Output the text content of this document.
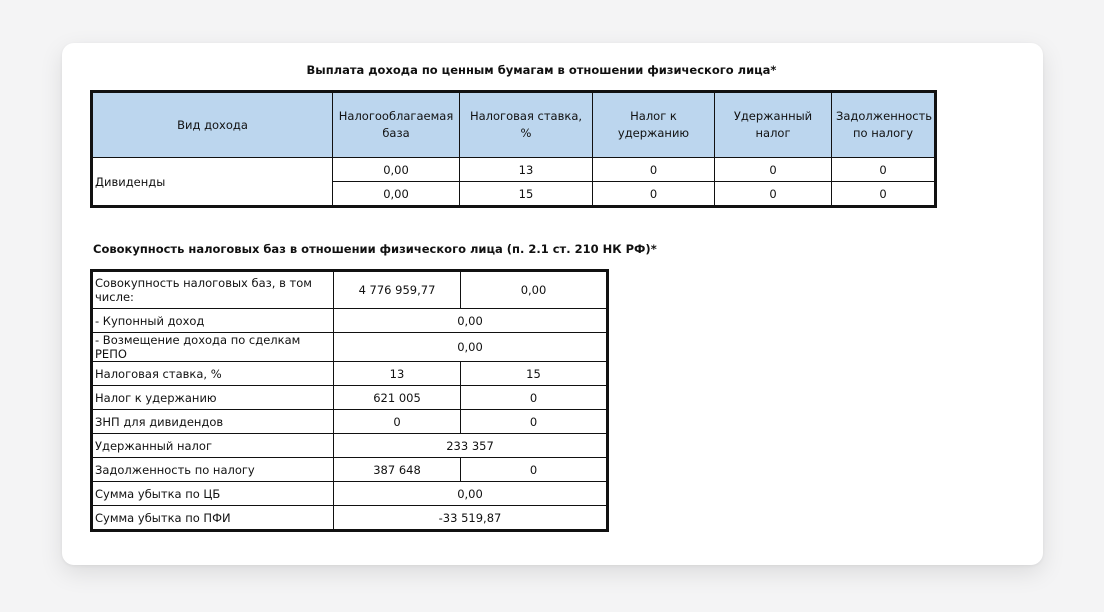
Выплата дохода по ценным бумагам в отношении физического лица*
Вид дохода	Налогооблагаемая база	Налоговая ставка, %	Налог к удержанию	Удержанный налог	Задолженность по налогу
Дивиденды	0,00	13	0	0	0
	0,00	15	0	0	0
Совокупность налоговых баз в отношении физического лица (п. 2.1 ст. 210 НК РФ)*
Совокупность налоговых баз, в том числе:	4 776 959,77	0,00
- Купонный доход	0,00	
- Возмещение дохода по сделкам РЕПО	0,00	
Налоговая ставка, %	13	15
Налог к удержанию	621 005	0
ЗНП для дивидендов	0	0
Удержанный налог	233 357	
Задолженность по налогу	387 648	0
Сумма убытка по ЦБ	0,00	
Сумма убытка по ПФИ	-33 519,87	
